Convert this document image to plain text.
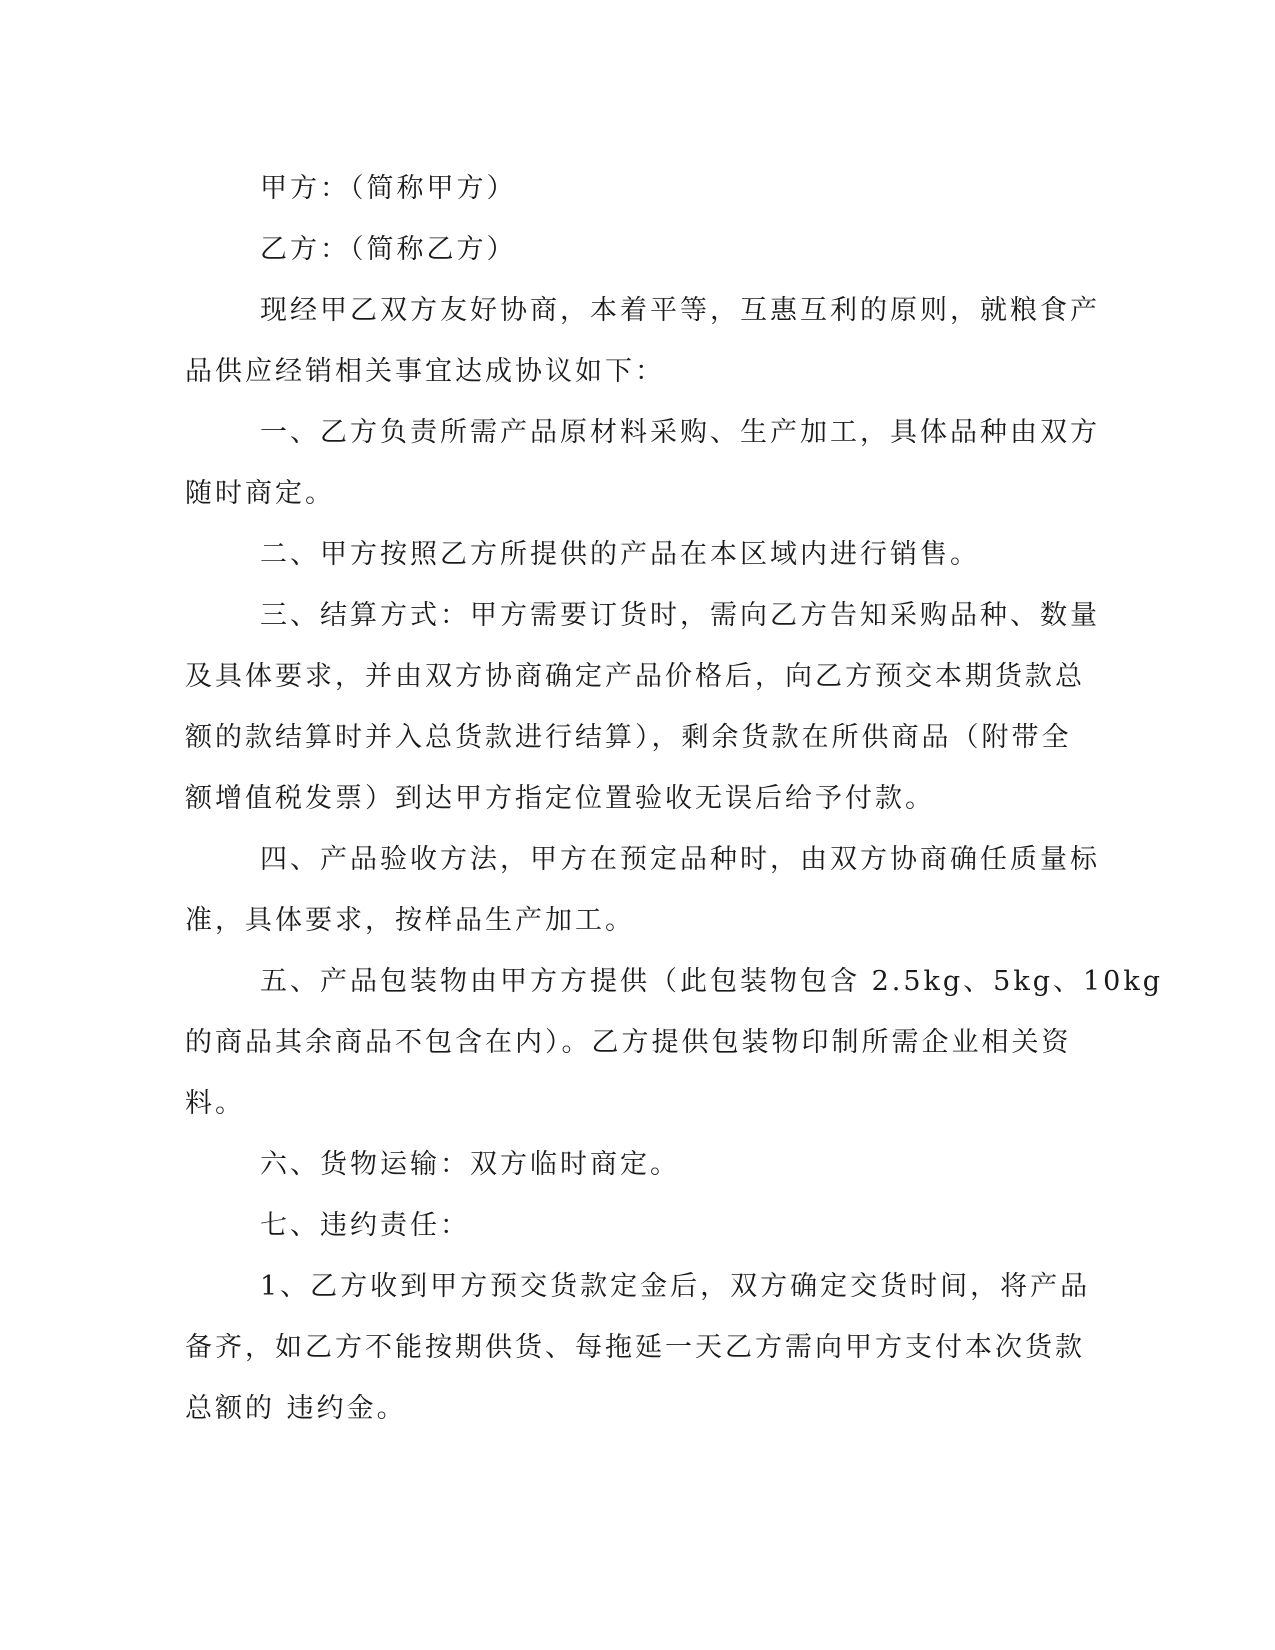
甲方：（简称甲方）
乙方：（简称乙方）
现经甲乙双方友好协商，本着平等，互惠互利的原则，就粮食产
品供应经销相关事宜达成协议如下：
一、乙方负责所需产品原材料采购、生产加工，具体品种由双方
随时商定。
二、甲方按照乙方所提供的产品在本区域内进行销售。
三、结算方式：甲方需要订货时，需向乙方告知采购品种、数量
及具体要求，并由双方协商确定产品价格后，向乙方预交本期货款总
额的款结算时并入总货款进行结算），剩余货款在所供商品（附带全
额增值税发票）到达甲方指定位置验收无误后给予付款。
四、产品验收方法，甲方在预定品种时，由双方协商确任质量标
准，具体要求，按样品生产加工。
五、产品包装物由甲方方提供（此包装物包含 2.5kg、5kg、10kg
的商品其余商品不包含在内）。乙方提供包装物印制所需企业相关资
料。
六、货物运输：双方临时商定。
七、违约责任：
1、乙方收到甲方预交货款定金后，双方确定交货时间，将产品
备齐，如乙方不能按期供货、每拖延一天乙方需向甲方支付本次货款
总额的 违约金。
